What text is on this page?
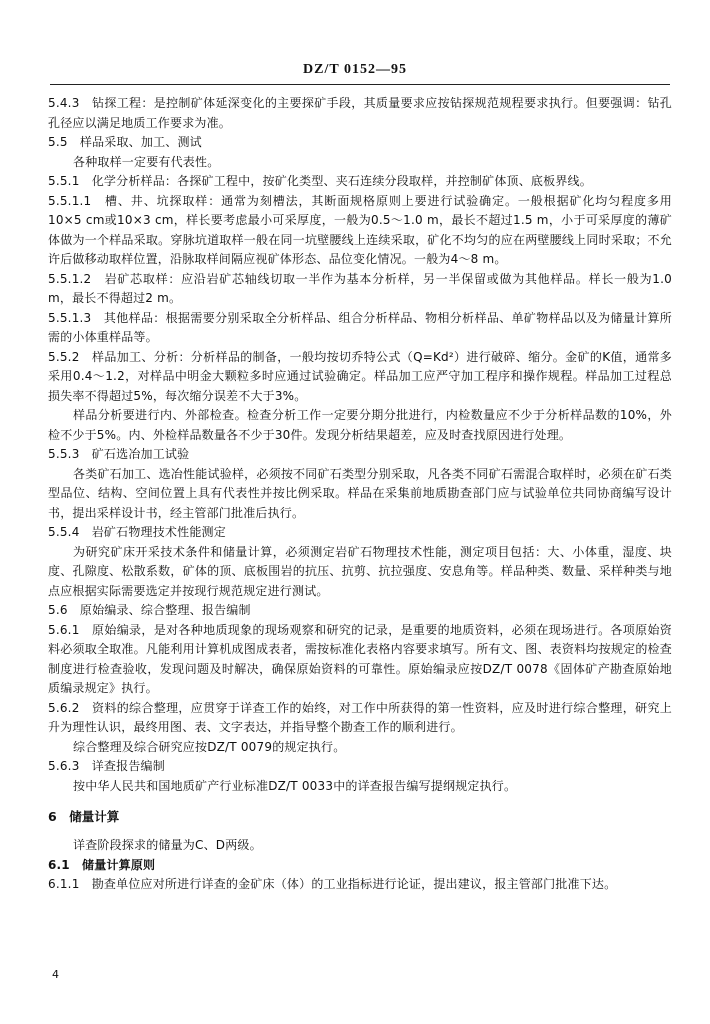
DZ/T 0152—95

5.4.3　钻探工程：是控制矿体延深变化的主要探矿手段，其质量要求应按钻探规范规程要求执行。但要强调：钻孔孔径应以满足地质工作要求为准。

5.5　样品采取、加工、测试

各种取样一定要有代表性。

5.5.1　化学分析样品：各探矿工程中，按矿化类型、夹石连续分段取样，并控制矿体顶、底板界线。

5.5.1.1　槽、井、坑探取样：通常为刻槽法，其断面规格原则上要进行试验确定。一般根据矿化均匀程度多用10×5 cm或10×3 cm，样长要考虑最小可采厚度，一般为0.5～1.0 m，最长不超过1.5 m，小于可采厚度的薄矿体做为一个样品采取。穿脉坑道取样一般在同一坑壁腰线上连续采取，矿化不均匀的应在两壁腰线上同时采取；不允许后做移动取样位置，沿脉取样间隔应视矿体形态、品位变化情况。一般为4～8 m。

5.5.1.2　岩矿芯取样：应沿岩矿芯轴线切取一半作为基本分析样，另一半保留或做为其他样品。样长一般为1.0 m，最长不得超过2 m。

5.5.1.3　其他样品：根据需要分别采取全分析样品、组合分析样品、物相分析样品、单矿物样品以及为储量计算所需的小体重样品等。

5.5.2　样品加工、分析：分析样品的制备，一般均按切乔特公式（Q=Kd²）进行破碎、缩分。金矿的K值，通常多采用0.4～1.2，对样品中明金大颗粒多时应通过试验确定。样品加工应严守加工程序和操作规程。样品加工过程总损失率不得超过5%，每次缩分误差不大于3%。

样品分析要进行内、外部检查。检查分析工作一定要分期分批进行，内检数量应不少于分析样品数的10%，外检不少于5%。内、外检样品数量各不少于30件。发现分析结果超差，应及时查找原因进行处理。

5.5.3　矿石选冶加工试验

各类矿石加工、选冶性能试验样，必须按不同矿石类型分别采取，凡各类不同矿石需混合取样时，必须在矿石类型品位、结构、空间位置上具有代表性并按比例采取。样品在采集前地质勘查部门应与试验单位共同协商编写设计书，提出采样设计书，经主管部门批准后执行。

5.5.4　岩矿石物理技术性能测定

为研究矿床开采技术条件和储量计算，必须测定岩矿石物理技术性能，测定项目包括：大、小体重，湿度、块度、孔隙度、松散系数，矿体的顶、底板围岩的抗压、抗剪、抗拉强度、安息角等。样品种类、数量、采样种类与地点应根据实际需要选定并按现行规范规定进行测试。

5.6　原始编录、综合整理、报告编制

5.6.1　原始编录，是对各种地质现象的现场观察和研究的记录，是重要的地质资料，必须在现场进行。各项原始资料必须取全取准。凡能利用计算机成图成表者，需按标准化表格内容要求填写。所有文、图、表资料均按规定的检查制度进行检查验收，发现问题及时解决，确保原始资料的可靠性。原始编录应按DZ/T 0078《固体矿产勘查原始地质编录规定》执行。

5.6.2　资料的综合整理，应贯穿于详查工作的始终，对工作中所获得的第一性资料，应及时进行综合整理，研究上升为理性认识，最终用图、表、文字表达，并指导整个勘查工作的顺利进行。

综合整理及综合研究应按DZ/T 0079的规定执行。

5.6.3　详查报告编制

按中华人民共和国地质矿产行业标准DZ/T 0033中的详查报告编写提纲规定执行。

6　储量计算

详查阶段探求的储量为C、D两级。

6.1　储量计算原则

6.1.1　勘查单位应对所进行详查的金矿床（体）的工业指标进行论证，提出建议，报主管部门批准下达。

4
